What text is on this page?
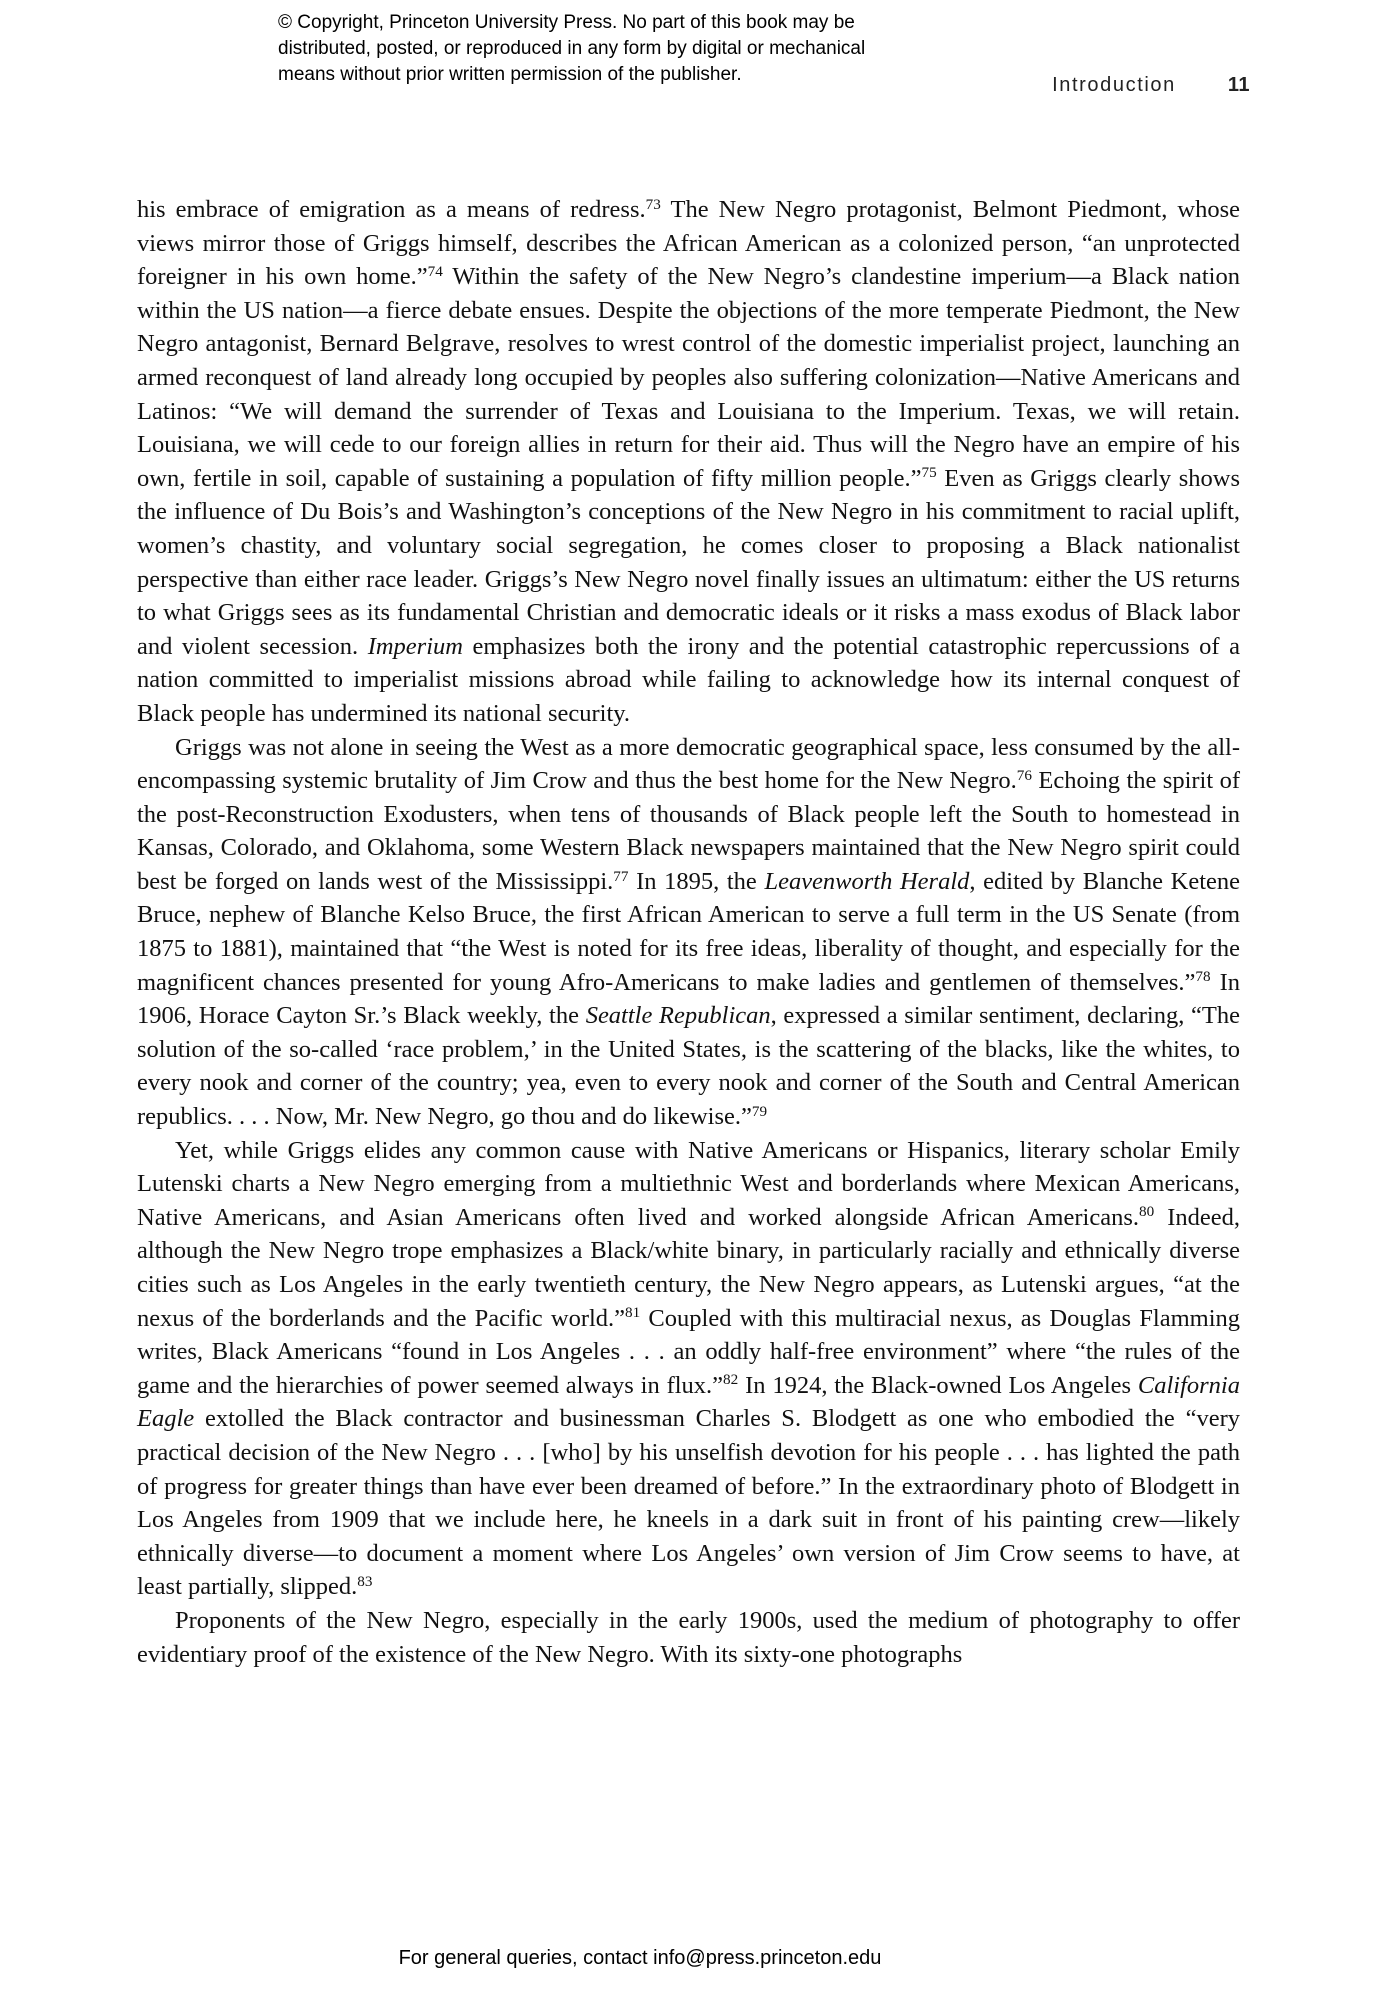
© Copyright, Princeton University Press. No part of this book may be
distributed, posted, or reproduced in any form by digital or mechanical
means without prior written permission of the publisher.	Introduction	11

his embrace of emigration as a means of redress.$^{73}$ The New Negro protagonist, Belmont Piedmont, whose views mirror those of Griggs himself, describes the African American as a colonized person, “an unprotected foreigner in his own home.”$^{74}$ Within the safety of the New Negro’s clandestine imperium—a Black nation within the US nation—a fierce debate ensues. Despite the objections of the more temperate Piedmont, the New Negro antagonist, Bernard Belgrave, resolves to wrest control of the domestic imperialist project, launching an armed reconquest of land already long occupied by peoples also suffering colonization—Native Americans and Latinos: “We will demand the surrender of Texas and Louisiana to the Imperium. Texas, we will retain. Louisiana, we will cede to our foreign allies in return for their aid. Thus will the Negro have an empire of his own, fertile in soil, capable of sustaining a population of fifty million people.”$^{75}$ Even as Griggs clearly shows the influence of Du Bois’s and Washington’s conceptions of the New Negro in his commitment to racial uplift, women’s chastity, and voluntary social segregation, he comes closer to proposing a Black nationalist perspective than either race leader. Griggs’s New Negro novel finally issues an ultimatum: either the US returns to what Griggs sees as its fundamental Christian and democratic ideals or it risks a mass exodus of Black labor and violent secession. Imperium emphasizes both the irony and the potential catastrophic repercussions of a nation committed to imperialist missions abroad while failing to acknowledge how its internal conquest of Black people has undermined its national security.

Griggs was not alone in seeing the West as a more democratic geographical space, less consumed by the all-encompassing systemic brutality of Jim Crow and thus the best home for the New Negro.$^{76}$ Echoing the spirit of the post-Reconstruction Exodusters, when tens of thousands of Black people left the South to homestead in Kansas, Colorado, and Oklahoma, some Western Black newspapers maintained that the New Negro spirit could best be forged on lands west of the Mississippi.$^{77}$ In 1895, the Leavenworth Herald, edited by Blanche Ketene Bruce, nephew of Blanche Kelso Bruce, the first African American to serve a full term in the US Senate (from 1875 to 1881), maintained that “the West is noted for its free ideas, liberality of thought, and especially for the magnificent chances presented for young Afro-Americans to make ladies and gentlemen of themselves.”$^{78}$ In 1906, Horace Cayton Sr.’s Black weekly, the Seattle Republican, expressed a similar sentiment, declaring, “The solution of the so-called ‘race problem,’ in the United States, is the scattering of the blacks, like the whites, to every nook and corner of the country; yea, even to every nook and corner of the South and Central American republics. . . . Now, Mr. New Negro, go thou and do likewise.”$^{79}$

Yet, while Griggs elides any common cause with Native Americans or Hispanics, literary scholar Emily Lutenski charts a New Negro emerging from a multiethnic West and borderlands where Mexican Americans, Native Americans, and Asian Americans often lived and worked alongside African Americans.$^{80}$ Indeed, although the New Negro trope emphasizes a Black/white binary, in particularly racially and ethnically diverse cities such as Los Angeles in the early twentieth century, the New Negro appears, as Lutenski argues, “at the nexus of the borderlands and the Pacific world.”$^{81}$ Coupled with this multiracial nexus, as Douglas Flamming writes, Black Americans “found in Los Angeles . . . an oddly half-free environment” where “the rules of the game and the hierarchies of power seemed always in flux.”$^{82}$ In 1924, the Black-owned Los Angeles California Eagle extolled the Black contractor and businessman Charles S. Blodgett as one who embodied the “very practical decision of the New Negro . . . [who] by his unselfish devotion for his people . . . has lighted the path of progress for greater things than have ever been dreamed of before.” In the extraordinary photo of Blodgett in Los Angeles from 1909 that we include here, he kneels in a dark suit in front of his painting crew—likely ethnically diverse—to document a moment where Los Angeles’ own version of Jim Crow seems to have, at least partially, slipped.$^{83}$

Proponents of the New Negro, especially in the early 1900s, used the medium of photography to offer evidentiary proof of the existence of the New Negro. With its sixty-one photographs

For general queries, contact info@press.princeton.edu
